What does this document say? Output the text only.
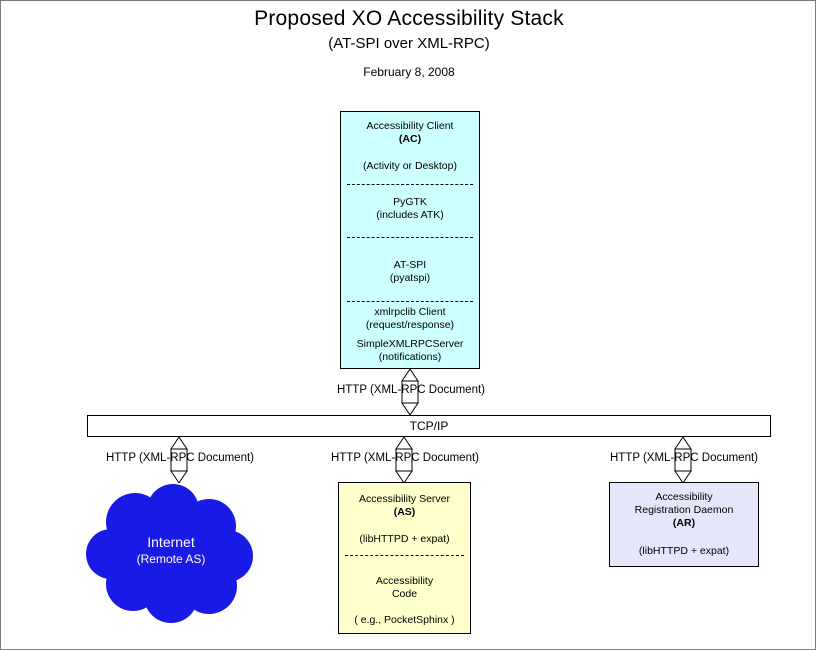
Proposed XO Accessibility Stack
(AT-SPI over XML-RPC)
February 8, 2008
Accessibility Client
(AC)
(Activity or Desktop)
PyGTK
(includes ATK)
AT-SPI
(pyatspi)
xmlrpclib Client
(request/response)
SimpleXMLRPCServer
(notifications)
HTTP (XML-RPC Document)
TCP/IP
HTTP (XML-RPC Document)	HTTP (XML-RPC Document)	HTTP (XML-RPC Document)
Internet
(Remote AS)
Accessibility Server
(AS)
(libHTTPD + expat)
Accessibility
Code
( e.g., PocketSphinx )
Accessibility
Registration Daemon
(AR)
(libHTTPD + expat)
